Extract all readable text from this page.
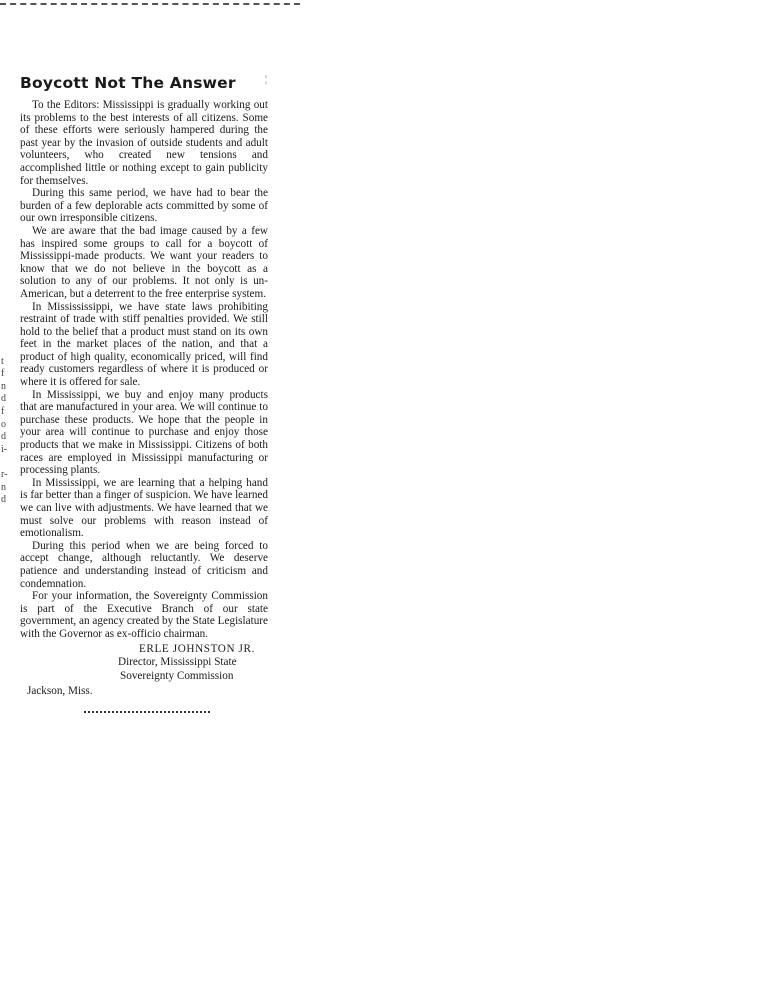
t
f
n
d
f
o
d
i-
r-
n
d
¦
Boycott Not The Answer

To the Editors: Mississippi is gradually working out its problems to the best interests of all citizens. Some of these efforts were seriously hampered during the past year by the invasion of outside students and adult volunteers, who created new tensions and accomplished little or nothing except to gain publicity for themselves.

During this same period, we have had to bear the burden of a few deplorable acts committed by some of our own irresponsible citizens.

We are aware that the bad image caused by a few has inspired some groups to call for a boycott of Mississippi-made products. We want your readers to know that we do not believe in the boycott as a solution to any of our problems. It not only is un-American, but a deterrent to the free enterprise system.

In Missississippi, we have state laws prohibiting restraint of trade with stiff penalties provided. We still hold to the belief that a product must stand on its own feet in the market places of the nation, and that a product of high quality, economically priced, will find ready customers regardless of where it is produced or where it is offered for sale.

In Mississippi, we buy and enjoy many products that are manufactured in your area. We will continue to purchase these products. We hope that the people in your area will continue to purchase and enjoy those products that we make in Mississippi. Citizens of both races are employed in Mississippi manufacturing or processing plants.

In Mississippi, we are learning that a helping hand is far better than a finger of suspicion. We have learned we can live with adjustments. We have learned that we must solve our problems with reason instead of emotionalism.

During this period when we are being forced to accept change, although reluctantly. We deserve patience and understanding instead of criticism and condemnation.

For your information, the Sovereignty Commission is part of the Executive Branch of our state government, an agency created by the State Legislature with the Governor as ex-officio chairman.

ERLE JOHNSTON JR.
Director, Mississippi State
Sovereignty Commission
Jackson, Miss.
